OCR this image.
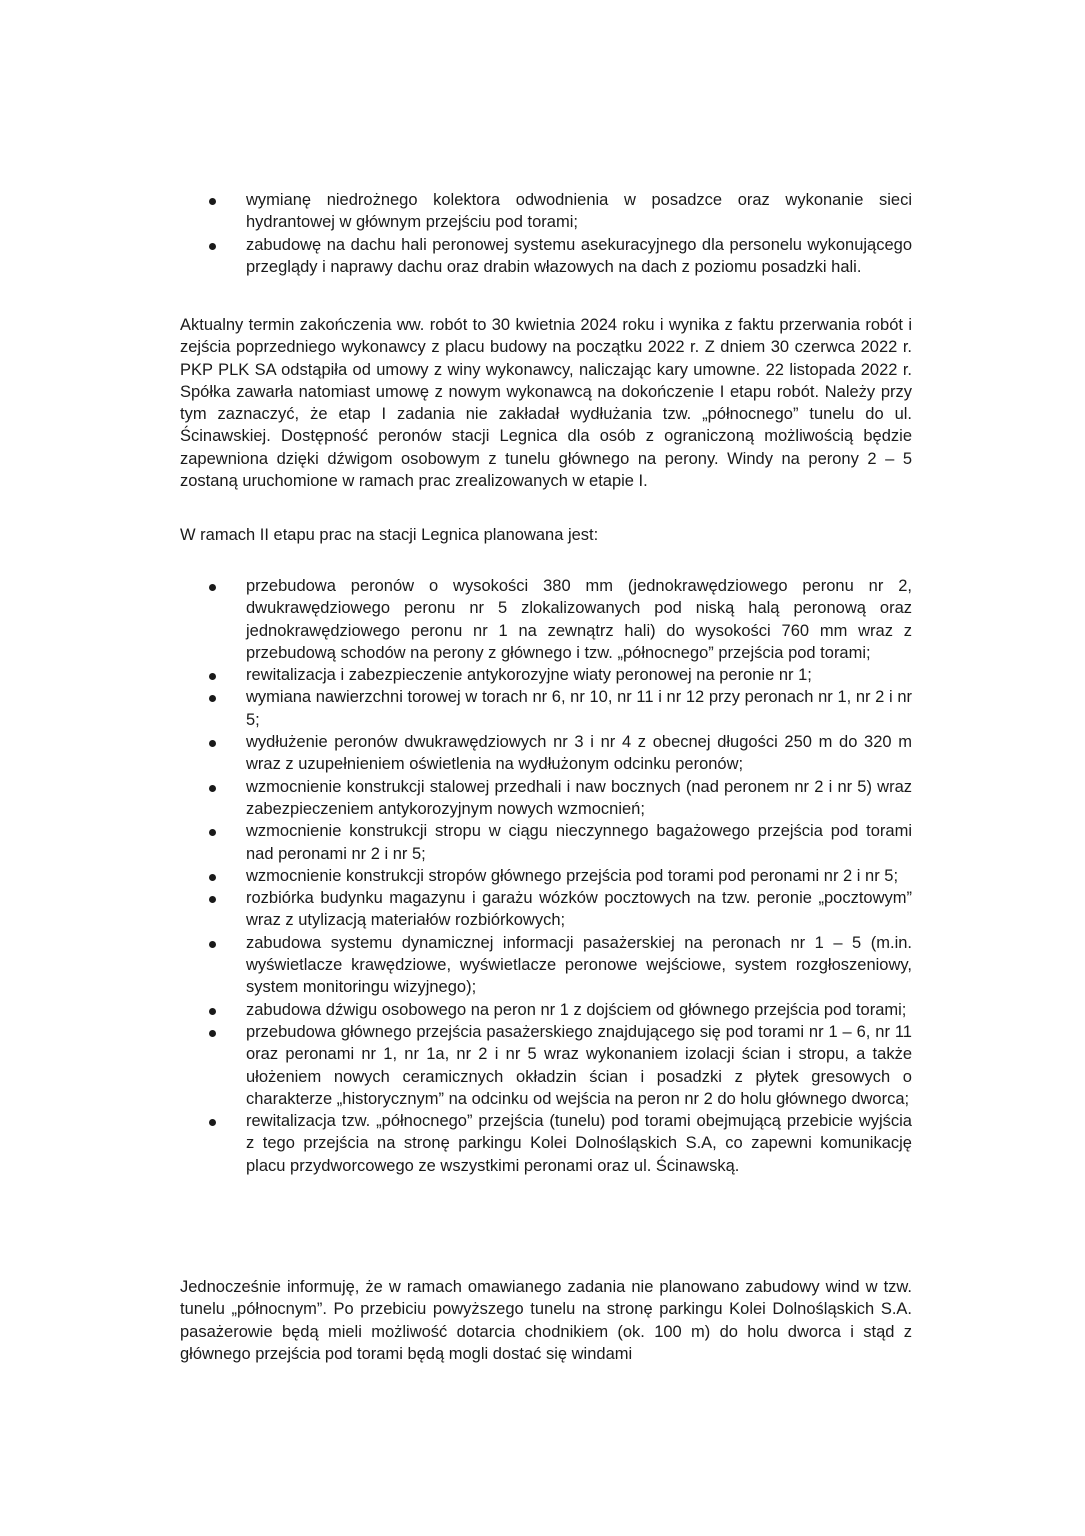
wymianę niedrożnego kolektora odwodnienia w posadzce oraz wykonanie sieci hydrantowej w głównym przejściu pod torami;
zabudowę na dachu hali peronowej systemu asekuracyjnego dla personelu wykonującego przeglądy i naprawy dachu oraz drabin włazowych na dach z poziomu posadzki hali.

Aktualny termin zakończenia ww. robót to 30 kwietnia 2024 roku i wynika z faktu przerwania robót i zejścia poprzedniego wykonawcy z placu budowy na początku 2022 r. Z dniem 30 czerwca 2022 r. PKP PLK SA odstąpiła od umowy z winy wykonawcy, naliczając kary umowne. 22 listopada 2022 r. Spółka zawarła natomiast umowę z nowym wykonawcą na dokończenie I etapu robót. Należy przy tym zaznaczyć, że etap I zadania nie zakładał wydłużania tzw. „północnego” tunelu do ul. Ścinawskiej. Dostępność peronów stacji Legnica dla osób z ograniczoną możliwością będzie zapewniona dzięki dźwigom osobowym z tunelu głównego na perony. Windy na perony 2 – 5 zostaną uruchomione w ramach prac zrealizowanych w etapie I.

W ramach II etapu prac na stacji Legnica planowana jest:

przebudowa peronów o wysokości 380 mm (jednokrawędziowego peronu nr 2, dwukrawędziowego peronu nr 5 zlokalizowanych pod niską halą peronową oraz jednokrawędziowego peronu nr 1 na zewnątrz hali) do wysokości 760 mm wraz z przebudową schodów na perony z głównego i tzw. „północnego” przejścia pod torami;
rewitalizacja i zabezpieczenie antykorozyjne wiaty peronowej na peronie nr 1;
wymiana nawierzchni torowej w torach nr 6, nr 10, nr 11 i nr 12 przy peronach nr 1, nr 2 i nr 5;
wydłużenie peronów dwukrawędziowych nr 3 i nr 4 z obecnej długości 250 m do 320 m wraz z uzupełnieniem oświetlenia na wydłużonym odcinku peronów;
wzmocnienie konstrukcji stalowej przedhali i naw bocznych (nad peronem nr 2 i nr 5) wraz zabezpieczeniem antykorozyjnym nowych wzmocnień;
wzmocnienie konstrukcji stropu w ciągu nieczynnego bagażowego przejścia pod torami nad peronami nr 2 i nr 5;
wzmocnienie konstrukcji stropów głównego przejścia pod torami pod peronami nr 2 i nr 5;
rozbiórka budynku magazynu i garażu wózków pocztowych na tzw. peronie „pocztowym” wraz z utylizacją materiałów rozbiórkowych;
zabudowa systemu dynamicznej informacji pasażerskiej na peronach nr 1 – 5 (m.in. wyświetlacze krawędziowe, wyświetlacze peronowe wejściowe, system rozgłoszeniowy, system monitoringu wizyjnego);
zabudowa dźwigu osobowego na peron nr 1 z dojściem od głównego przejścia pod torami;
przebudowa głównego przejścia pasażerskiego znajdującego się pod torami nr 1 – 6, nr 11 oraz peronami nr 1, nr 1a, nr 2 i nr 5 wraz wykonaniem izolacji ścian i stropu, a także ułożeniem nowych ceramicznych okładzin ścian i posadzki z płytek gresowych o charakterze „historycznym” na odcinku od wejścia na peron nr 2 do holu głównego dworca;
rewitalizacja tzw. „północnego” przejścia (tunelu) pod torami obejmującą przebicie wyjścia z tego przejścia na stronę parkingu Kolei Dolnośląskich S.A, co zapewni komunikację placu przydworcowego ze wszystkimi peronami oraz ul. Ścinawską.

Jednocześnie informuję, że w ramach omawianego zadania nie planowano zabudowy wind w tzw. tunelu „północnym”. Po przebiciu powyższego tunelu na stronę parkingu Kolei Dolnośląskich S.A. pasażerowie będą mieli możliwość dotarcia chodnikiem (ok. 100 m) do holu dworca i stąd z głównego przejścia pod torami będą mogli dostać się windami
